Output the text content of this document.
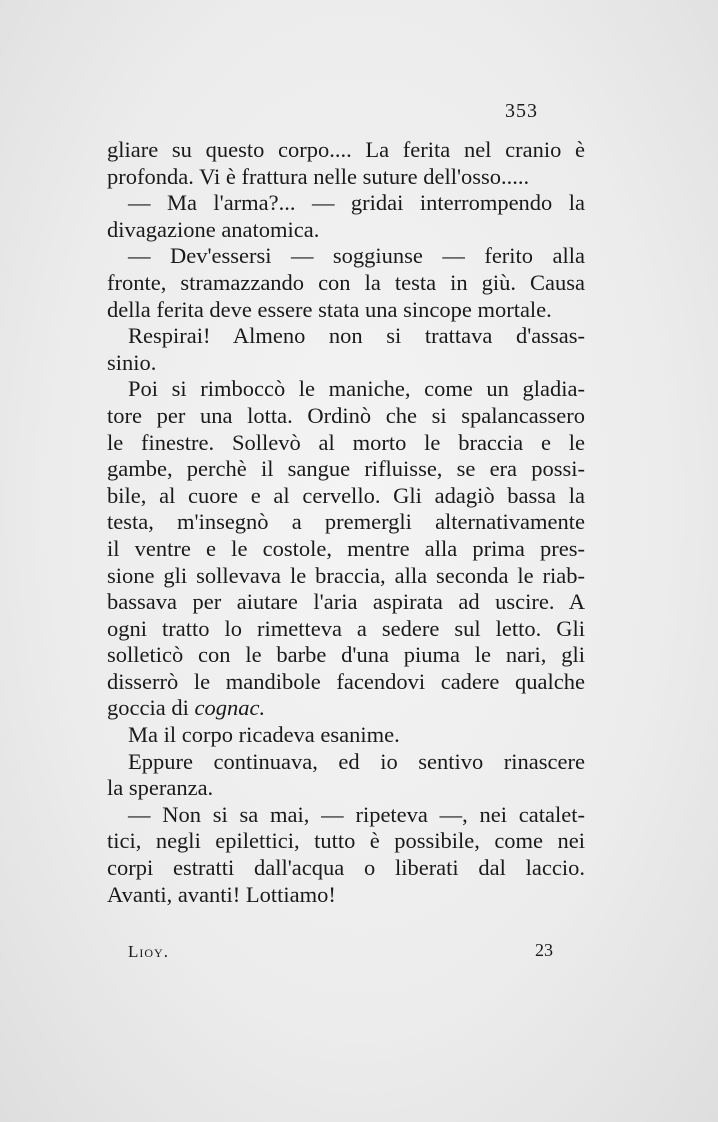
353
gliare su questo corpo.... La ferita nel cranio è
profonda. Vi è frattura nelle suture dell'osso.....
— Ma l'arma?... — gridai interrompendo la
divagazione anatomica.
— Dev'essersi — soggiunse — ferito alla
fronte, stramazzando con la testa in giù. Causa
della ferita deve essere stata una sincope mortale.
Respirai! Almeno non si trattava d'assas-
sinio.
Poi si rimboccò le maniche, come un gladia-
tore per una lotta. Ordinò che si spalancassero
le finestre. Sollevò al morto le braccia e le
gambe, perchè il sangue rifluisse, se era possi-
bile, al cuore e al cervello. Gli adagiò bassa la
testa, m'insegnò a premergli alternativamente
il ventre e le costole, mentre alla prima pres-
sione gli sollevava le braccia, alla seconda le riab-
bassava per aiutare l'aria aspirata ad uscire. A
ogni tratto lo rimetteva a sedere sul letto. Gli
solleticò con le barbe d'una piuma le nari, gli
disserrò le mandibole facendovi cadere qualche
goccia di cognac.
Ma il corpo ricadeva esanime.
Eppure continuava, ed io sentivo rinascere
la speranza.
— Non si sa mai, — ripeteva —, nei catalet-
tici, negli epilettici, tutto è possibile, come nei
corpi estratti dall'acqua o liberati dal laccio.
Avanti, avanti! Lottiamo!
Lioy.	23
